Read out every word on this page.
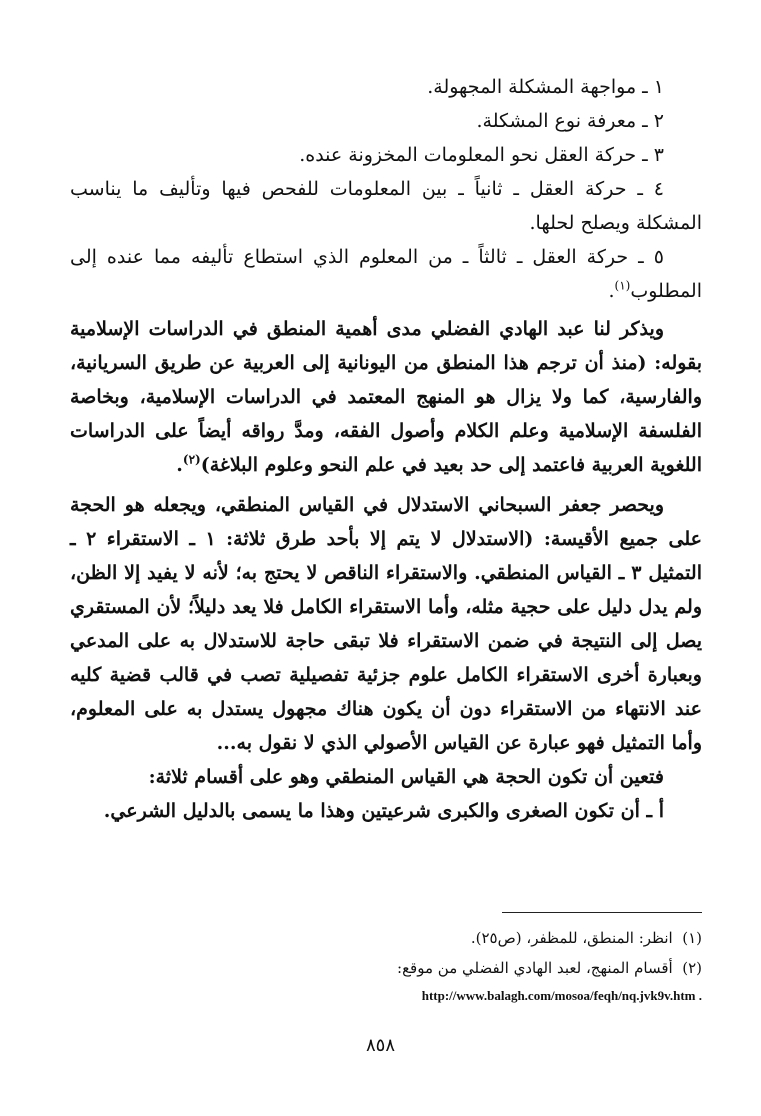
١ ـ مواجهة المشكلة المجهولة.

٢ ـ معرفة نوع المشكلة.

٣ ـ حركة العقل نحو المعلومات المخزونة عنده.

٤ ـ حركة العقل ـ ثانياً ـ بين المعلومات للفحص فيها وتأليف ما يناسب المشكلة ويصلح لحلها.

٥ ـ حركة العقل ـ ثالثاً ـ من المعلوم الذي استطاع تأليفه مما عنده إلى المطلوب$^{(١)}$.

ويذكر لنا عبد الهادي الفضلي مدى أهمية المنطق في الدراسات الإسلامية بقوله: (منذ أن ترجم هذا المنطق من اليونانية إلى العربية عن طريق السريانية، والفارسية، كما ولا يزال هو المنهج المعتمد في الدراسات الإسلامية، وبخاصة الفلسفة الإسلامية وعلم الكلام وأصول الفقه، ومدَّ رواقه أيضاً على الدراسات اللغوية العربية فاعتمد إلى حد بعيد في علم النحو وعلوم البلاغة)$^{(٢)}$.

ويحصر جعفر السبحاني الاستدلال في القياس المنطقي، ويجعله هو الحجة على جميع الأقيسة: (الاستدلال لا يتم إلا بأحد طرق ثلاثة: ١ ـ الاستقراء ٢ ـ التمثيل ٣ ـ القياس المنطقي. والاستقراء الناقص لا يحتج به؛ لأنه لا يفيد إلا الظن، ولم يدل دليل على حجية مثله، وأما الاستقراء الكامل فلا يعد دليلاً؛ لأن المستقري يصل إلى النتيجة في ضمن الاستقراء فلا تبقى حاجة للاستدلال به على المدعي وبعبارة أخرى الاستقراء الكامل علوم جزئية تفصيلية تصب في قالب قضية كليه عند الانتهاء من الاستقراء دون أن يكون هناك مجهول يستدل به على المعلوم، وأما التمثيل فهو عبارة عن القياس الأصولي الذي لا نقول به...

فتعين أن تكون الحجة هي القياس المنطقي وهو على أقسام ثلاثة:

أ ـ أن تكون الصغرى والكبرى شرعيتين وهذا ما يسمى بالدليل الشرعي.

(١)  انظر: المنطق، للمظفر، (ص٢٥).

(٢)  أقسام المنهج، لعبد الهادي الفضلي من موقع:

http://www.balagh.com/mosoa/feqh/nq.jvk9v.htm .

٨٥٨
